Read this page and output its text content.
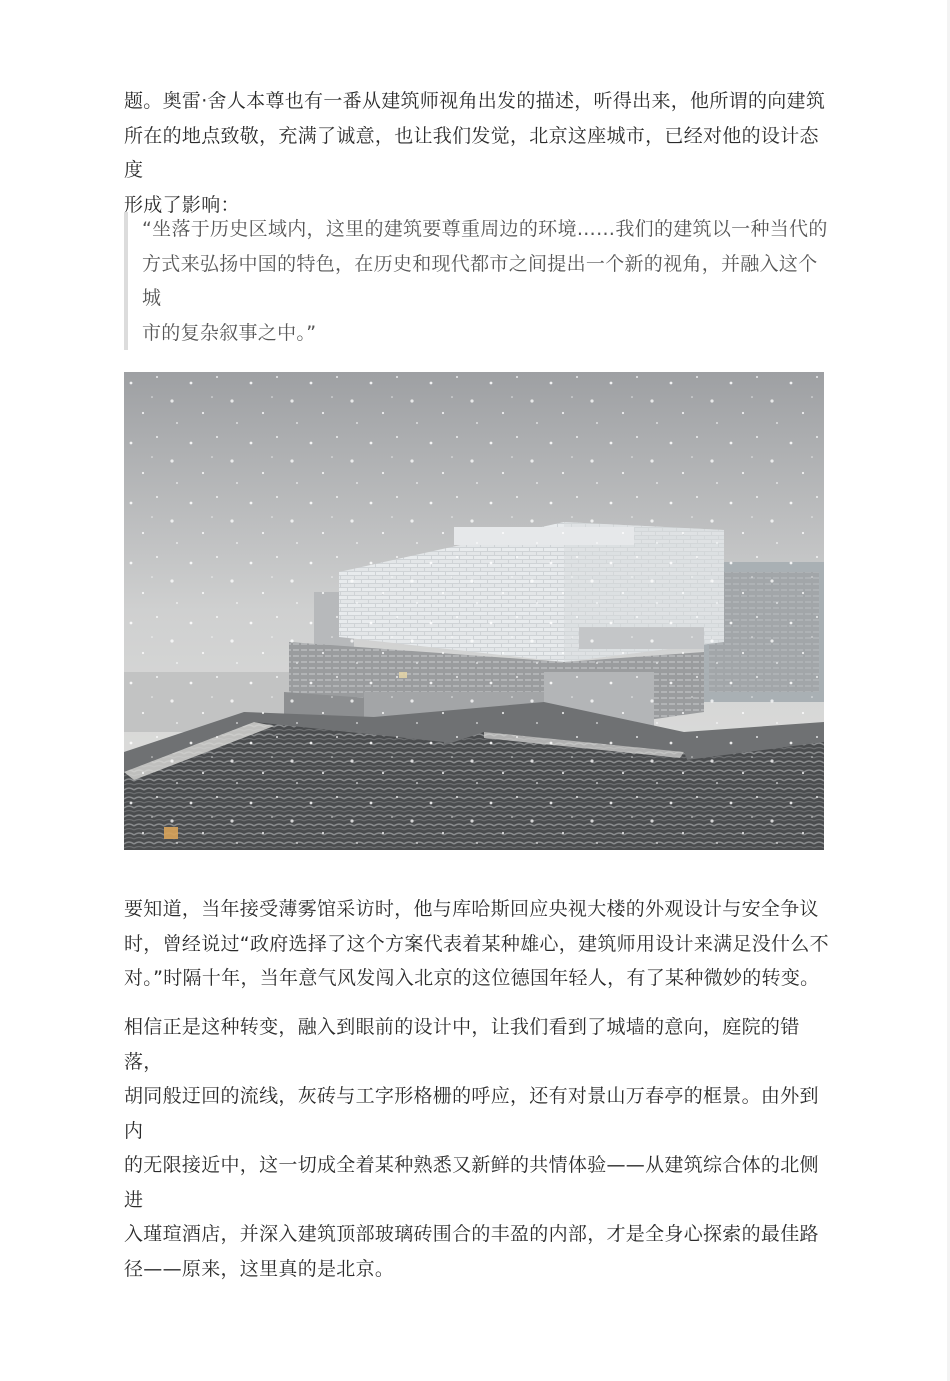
题。奥雷·舍人本尊也有一番从建筑师视角出发的描述，听得出来，他所谓的向建筑
所在的地点致敬，充满了诚意，也让我们发觉，北京这座城市，已经对他的设计态度
形成了影响：

“坐落于历史区域内，这里的建筑要尊重周边的环境……我们的建筑以一种当代的
方式来弘扬中国的特色，在历史和现代都市之间提出一个新的视角，并融入这个城
市的复杂叙事之中。”

要知道，当年接受薄雾馆采访时，他与库哈斯回应央视大楼的外观设计与安全争议
时，曾经说过“政府选择了这个方案代表着某种雄心，建筑师用设计来满足没什么不
对。”时隔十年，当年意气风发闯入北京的这位德国年轻人，有了某种微妙的转变。

相信正是这种转变，融入到眼前的设计中，让我们看到了城墙的意向，庭院的错落，
胡同般迂回的流线，灰砖与工字形格栅的呼应，还有对景山万春亭的框景。由外到内
的无限接近中，这一切成全着某种熟悉又新鲜的共情体验——从建筑综合体的北侧进
入瑾瑄酒店，并深入建筑顶部玻璃砖围合的丰盈的内部，才是全身心探索的最佳路
径——原来，这里真的是北京。
